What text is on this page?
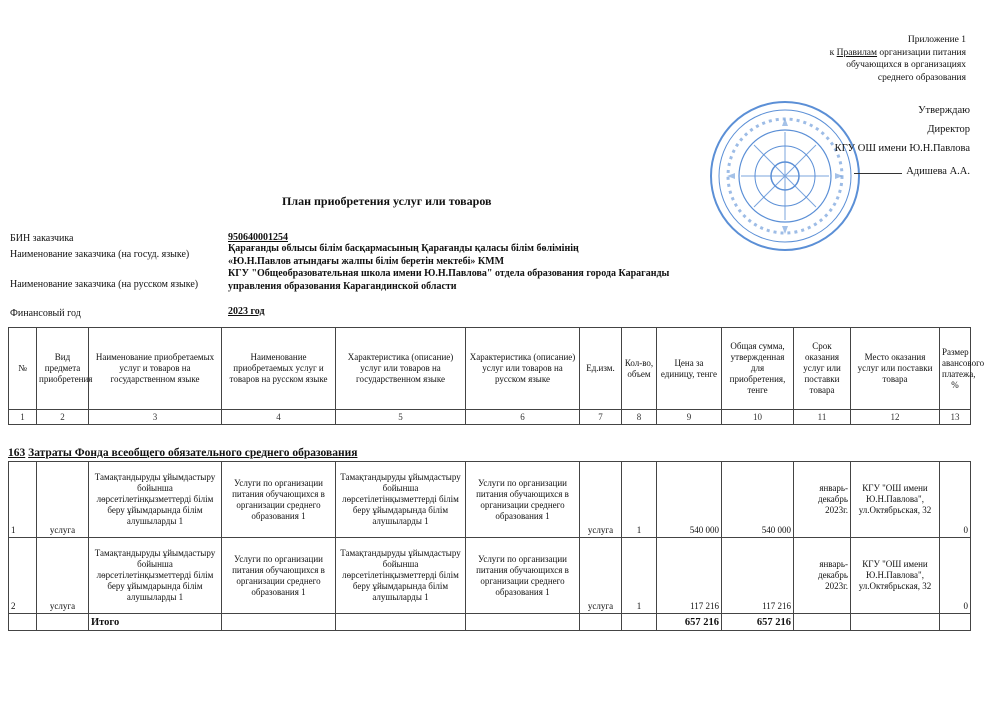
Приложение 1
к Правилам организации питания
обучающихся в организациях
среднего образования
Утверждаю
Директор
КГУ ОШ имени Ю.Н.Павлова
Адишева А.А.
План приобретения услуг или товаров
БИН заказчика	950640001254
Наименование заказчика (на госуд. языке)
Қарағанды облысы білім басқармасының Қарағанды қаласы білім бөлімінің
«Ю.Н.Павлов атындағы жалпы білім беретін мектебі» КММ
Наименование заказчика (на русском языке)
КГУ "Общеобразовательная школа имени Ю.Н.Павлова" отдела образования города Караганды
управления образования Карагандинской области
Финансовый год	2023 год
№	Вид предмета приобретения	Наименование приобретаемых услуг и товаров на государственном языке	Наименование приобретаемых услуг и товаров на русском языке	Характеристика (описание) услуг или товаров на государственном языке	Характеристика (описание) услуг или товаров на русском языке	Ед.изм.	Кол-во, объем	Цена за единицу, тенге	Общая сумма, утвержденная для приобретения, тенге	Срок оказания услуг или поставки товара	Место оказания услуг или поставки товара	Размер авансового платежа, %
1	2	3	4	5	6	7	8	9	10	11	12	13
163 Затраты Фонда всеобщего обязательного среднего образования
1	услуга	Тамақтандыруды ұйымдастыру бойынша лөрсетілетінқызметтерді білім беру ұйымдарында білім алушыларды 1	Услуги по организации питания обучающихся в организации среднего образования 1	Тамақтандыруды ұйымдастыру бойынша лөрсетілетінқызметтерді білім беру ұйымдарында білім алушыларды 1	Услуги по организации питания обучающихся в организации среднего образования 1	услуга	1	540 000	540 000	январь-декабрь 2023г.	КГУ "ОШ имени Ю.Н.Павлова", ул.Октябрьская, 32	0
2	услуга	Тамақтандыруды ұйымдастыру бойынша лөрсетілетінқызметтерді білім беру ұйымдарында білім алушыларды 1	Услуги по организации питания обучающихся в организации среднего образования 1	Тамақтандыруды ұйымдастыру бойынша лөрсетілетінқызметтерді білім беру ұйымдарында білім алушыларды 1	Услуги по организации питания обучающихся в организации среднего образования 1	услуга	1	117 216	117 216	январь-декабрь 2023г.	КГУ "ОШ имени Ю.Н.Павлова", ул.Октябрьская, 32	0
		Итого						657 216	657 216			
